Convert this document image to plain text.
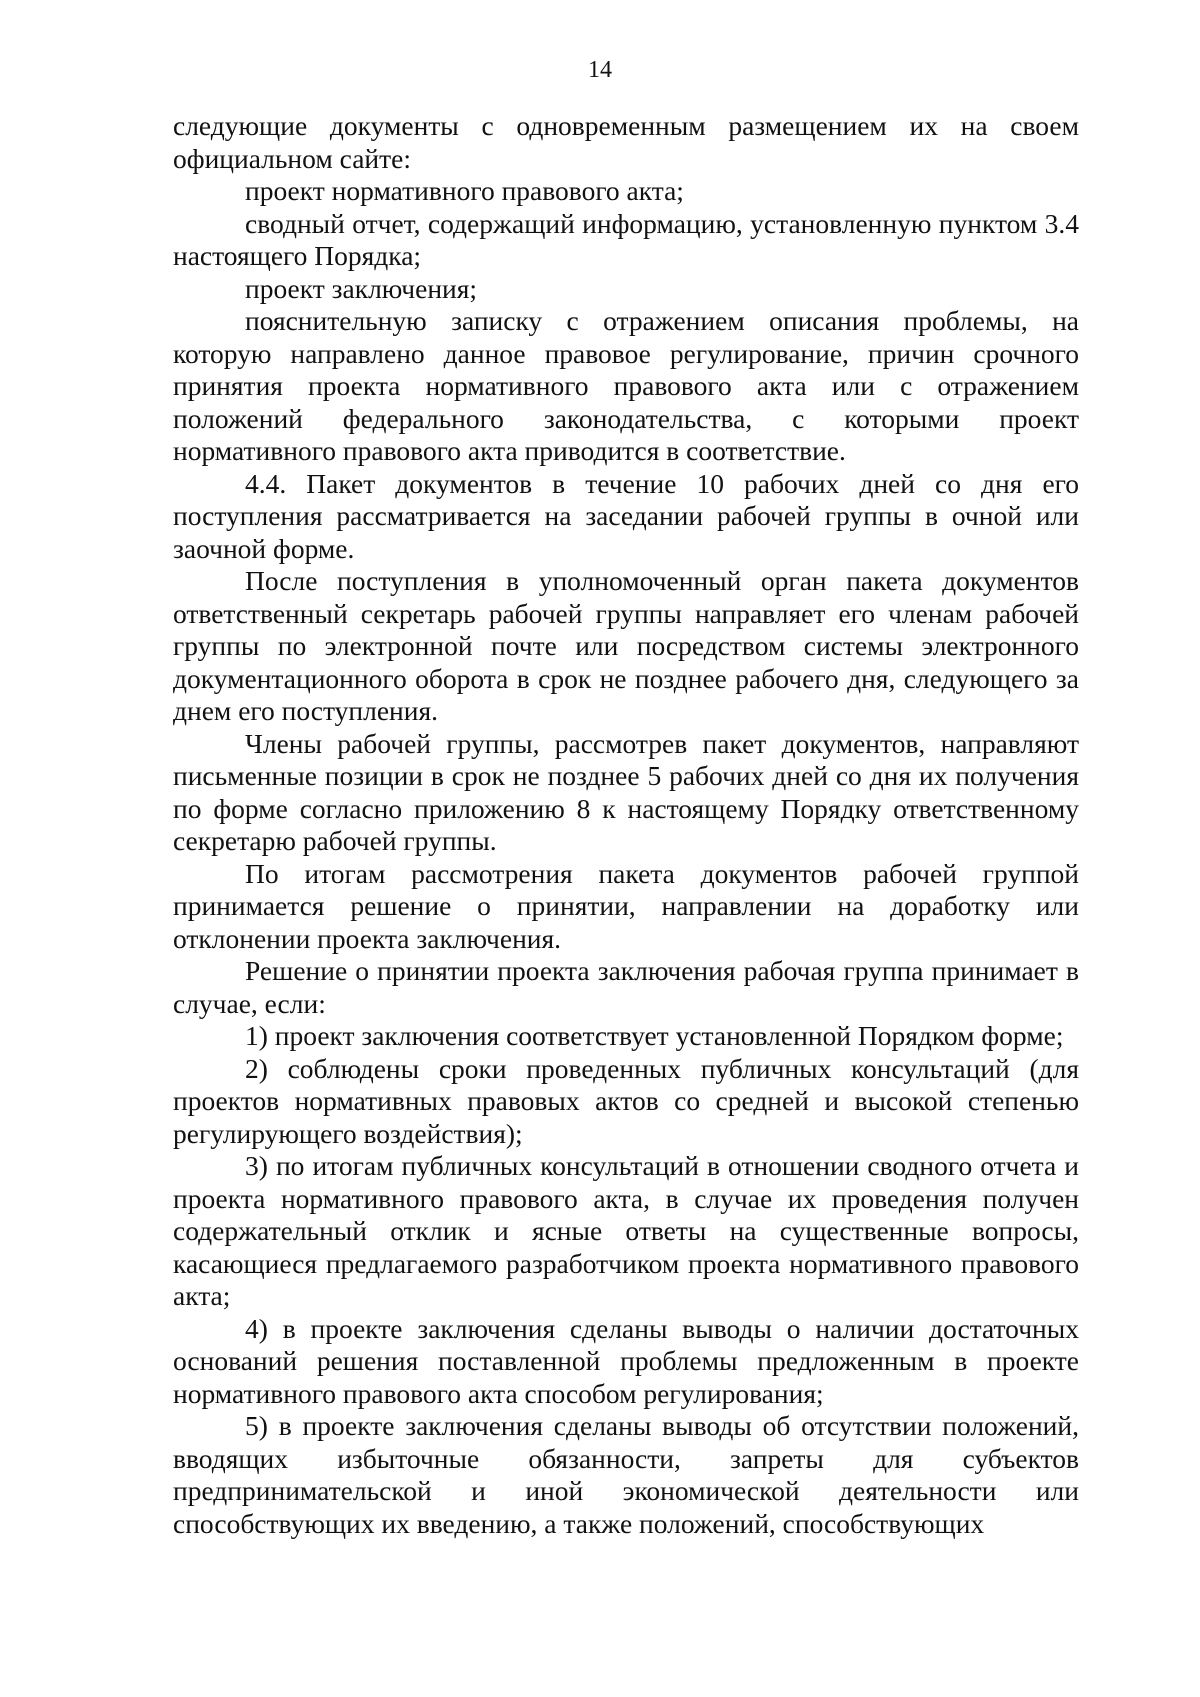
14

следующие документы с одновременным размещением их на своем официальном сайте:

проект нормативного правового акта;

сводный отчет, содержащий информацию, установленную пунктом 3.4 настоящего Порядка;

проект заключения;

пояснительную записку с отражением описания проблемы, на которую направлено данное правовое регулирование, причин срочного принятия проекта нормативного правового акта или с отражением положений федерального законодательства, с которыми проект нормативного правового акта приводится в соответствие.

4.4. Пакет документов в течение 10 рабочих дней со дня его поступления рассматривается на заседании рабочей группы в очной или заочной форме.

После поступления в уполномоченный орган пакета документов ответственный секретарь рабочей группы направляет его членам рабочей группы по электронной почте или посредством системы электронного документационного оборота в срок не позднее рабочего дня, следующего за днем его поступления.

Члены рабочей группы, рассмотрев пакет документов, направляют письменные позиции в срок не позднее 5 рабочих дней со дня их получения по форме согласно приложению 8 к настоящему Порядку ответственному секретарю рабочей группы.

По итогам рассмотрения пакета документов рабочей группой принимается решение о принятии, направлении на доработку или отклонении проекта заключения.

Решение о принятии проекта заключения рабочая группа принимает в случае, если:

1) проект заключения соответствует установленной Порядком форме;

2) соблюдены сроки проведенных публичных консультаций (для проектов нормативных правовых актов со средней и высокой степенью регулирующего воздействия);

3) по итогам публичных консультаций в отношении сводного отчета и проекта нормативного правового акта, в случае их проведения получен содержательный отклик и ясные ответы на существенные вопросы, касающиеся предлагаемого разработчиком проекта нормативного правового акта;

4) в проекте заключения сделаны выводы о наличии достаточных оснований решения поставленной проблемы предложенным в проекте нормативного правового акта способом регулирования;

5) в проекте заключения сделаны выводы об отсутствии положений, вводящих избыточные обязанности, запреты для субъектов предпринимательской и иной экономической деятельности или способствующих их введению, а также положений, способствующих
